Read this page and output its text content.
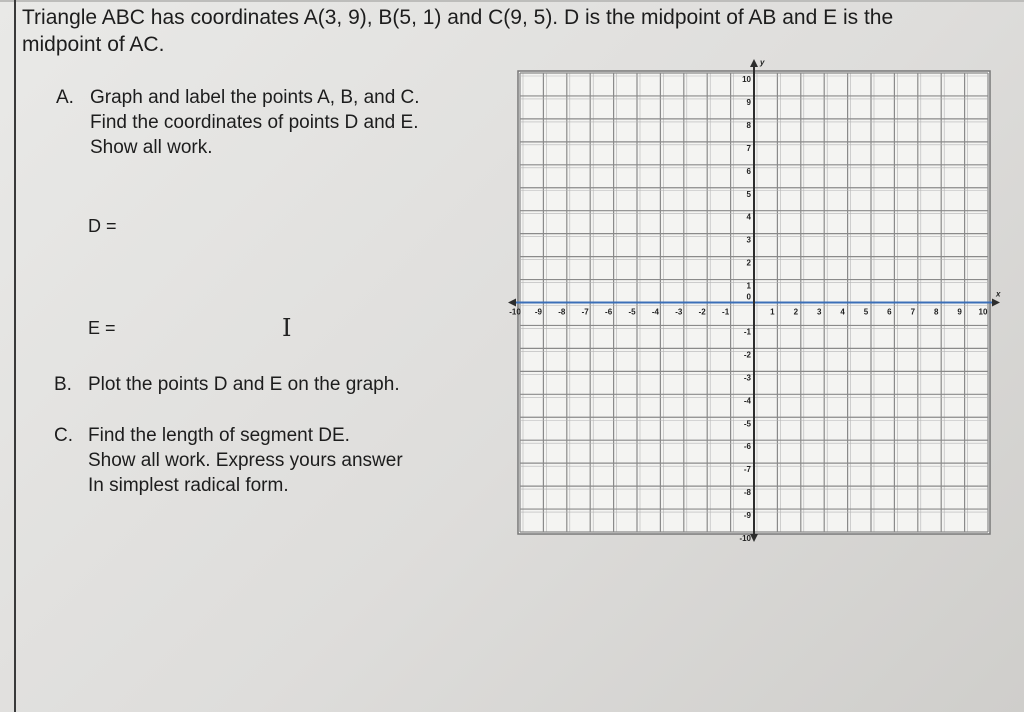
Triangle ABC has coordinates A(3, 9), B(5, 1) and C(9, 5). D is the midpoint of AB and E is the
midpoint of AC.
A. Graph and label the points A, B, and C.
Find the coordinates of points D and E.
Show all work.
D =
E =	I
B. Plot the points D and E on the graph.
C. Find the length of segment DE.
Show all work. Express yours answer
In simplest radical form.
x
y
-10 -9 -8 -7 -6 -5 -4 -3 -2 -1	1 2 3 4 5 6 7 8 9 10
10
9
8
7
6
5
4
3
2
1
0
-1
-2
-3
-4
-5
-6
-7
-8
-9
-10
